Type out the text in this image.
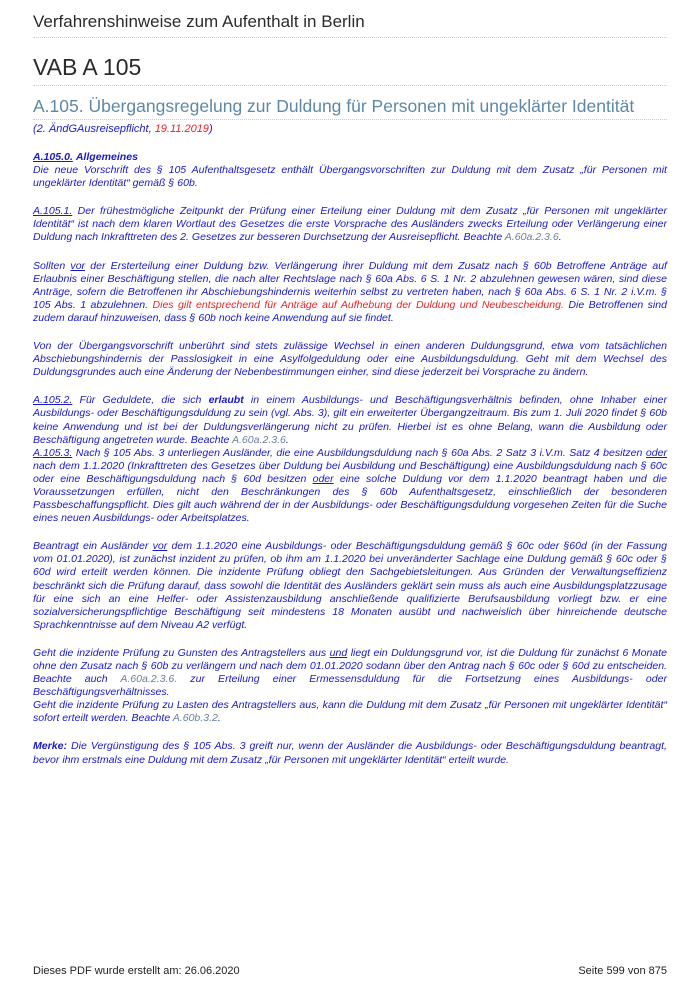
Verfahrenshinweise zum Aufenthalt in Berlin
VAB A 105
A.105. Übergangsregelung zur Duldung für Personen mit ungeklärter Identität

(2. ÄndGAusreisepflicht, 19.11.2019)

A.105.0. Allgemeines

Die neue Vorschrift des § 105 Aufenthaltsgesetz enthält Übergangsvorschriften zur Duldung mit dem Zusatz „für Personen mit ungeklärter Identität“ gemäß § 60b.

A.105.1. Der frühestmögliche Zeitpunkt der Prüfung einer Erteilung einer Duldung mit dem Zusatz „für Personen mit ungeklärter Identität“ ist nach dem klaren Wortlaut des Gesetzes die erste Vorsprache des Ausländers zwecks Erteilung oder Verlängerung einer Duldung nach Inkrafttreten des 2. Gesetzes zur besseren Durchsetzung der Ausreisepflicht. Beachte A.60a.2.3.6.

Sollten vor der Ersterteilung einer Duldung bzw. Verlängerung ihrer Duldung mit dem Zusatz nach § 60b Betroffene Anträge auf Erlaubnis einer Beschäftigung stellen, die nach alter Rechtslage nach § 60a Abs. 6 S. 1 Nr. 2 abzulehnen gewesen wären, sind diese Anträge, sofern die Betroffenen ihr Abschiebungshindernis weiterhin selbst zu vertreten haben, nach § 60a Abs. 6 S. 1 Nr. 2 i.V.m. § 105 Abs. 1 abzulehnen. Dies gilt entsprechend für Anträge auf Aufhebung der Duldung und Neubescheidung. Die Betroffenen sind zudem darauf hinzuweisen, dass § 60b noch keine Anwendung auf sie findet.

Von der Übergangsvorschrift unberührt sind stets zulässige Wechsel in einen anderen Duldungsgrund, etwa vom tatsächlichen Abschiebungshindernis der Passlosigkeit in eine Asylfolgeduldung oder eine Ausbildungsduldung. Geht mit dem Wechsel des Duldungsgrundes auch eine Änderung der Nebenbestimmungen einher, sind diese jederzeit bei Vorsprache zu ändern.

A.105.2. Für Geduldete, die sich erlaubt in einem Ausbildungs- und Beschäftigungsverhältnis befinden, ohne Inhaber einer Ausbildungs- oder Beschäftigungsduldung zu sein (vgl. Abs. 3), gilt ein erweiterter Übergangzeitraum. Bis zum 1. Juli 2020 findet § 60b keine Anwendung und ist bei der Duldungsverlängerung nicht zu prüfen. Hierbei ist es ohne Belang, wann die Ausbildung oder Beschäftigung angetreten wurde. Beachte A.60a.2.3.6.

A.105.3. Nach § 105 Abs. 3 unterliegen Ausländer, die eine Ausbildungsduldung nach § 60a Abs. 2 Satz 3 i.V.m. Satz 4 besitzen oder nach dem 1.1.2020 (Inkrafttreten des Gesetzes über Duldung bei Ausbildung und Beschäftigung) eine Ausbildungsduldung nach § 60c oder eine Beschäftigungsduldung nach § 60d besitzen oder eine solche Duldung vor dem 1.1.2020 beantragt haben und die Voraussetzungen erfüllen, nicht den Beschränkungen des § 60b Aufenthaltsgesetz, einschließlich der besonderen Passbeschaffungspflicht. Dies gilt auch während der in der Ausbildungs- oder Beschäftigungsduldung vorgesehen Zeiten für die Suche eines neuen Ausbildungs- oder Arbeitsplatzes.

Beantragt ein Ausländer vor dem 1.1.2020 eine Ausbildungs- oder Beschäftigungsduldung gemäß § 60c oder §60d (in der Fassung vom 01.01.2020), ist zunächst inzident zu prüfen, ob ihm am 1.1.2020 bei unveränderter Sachlage eine Duldung gemäß § 60c oder § 60d wird erteilt werden können. Die inzidente Prüfung obliegt den Sachgebietsleitungen. Aus Gründen der Verwaltungseffizienz beschränkt sich die Prüfung darauf, dass sowohl die Identität des Ausländers geklärt sein muss als auch eine Ausbildungsplatzzusage für eine sich an eine Helfer- oder Assistenzausbildung anschließende qualifizierte Berufsausbildung vorliegt bzw. er eine sozialversicherungspflichtige Beschäftigung seit mindestens 18 Monaten ausübt und nachweislich über hinreichende deutsche Sprachkenntnisse auf dem Niveau A2 verfügt.

Geht die inzidente Prüfung zu Gunsten des Antragstellers aus und liegt ein Duldungsgrund vor, ist die Duldung für zunächst 6 Monate ohne den Zusatz nach § 60b zu verlängern und nach dem 01.01.2020 sodann über den Antrag nach § 60c oder § 60d zu entscheiden. Beachte auch A.60a.2.3.6. zur Erteilung einer Ermessensduldung für die Fortsetzung eines Ausbildungs- oder Beschäftigungsverhältnisses.

Geht die inzidente Prüfung zu Lasten des Antragstellers aus, kann die Duldung mit dem Zusatz „für Personen mit ungeklärter Identität“ sofort erteilt werden. Beachte A.60b.3.2.

Merke: Die Vergünstigung des § 105 Abs. 3 greift nur, wenn der Ausländer die Ausbildungs- oder Beschäftigungsduldung beantragt, bevor ihm erstmals eine Duldung mit dem Zusatz „für Personen mit ungeklärter Identität“ erteilt wurde.

Dieses PDF wurde erstellt am: 26.06.2020	Seite 599 von 875
